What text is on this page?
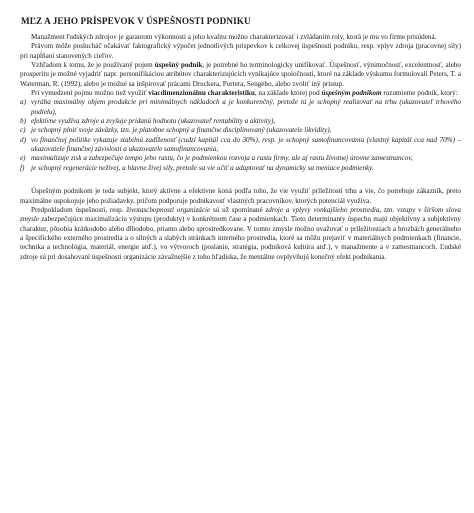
MĽZ A JEHO PRÍSPEVOK V ÚSPEŠNOSTI PODNIKU

Manažment ľudských zdrojov je garantom výkonnosti a jeho kvalitu možno charakterizovať i zvládaním roly, ktorá je mu vo firme prisúdená.

Právom môže poslucháč očakávať faktografický výpočet jednotlivých príspevkov k celkovej úspešnosti podniku, resp. vplyv zdroja (pracovnej sily) pri napĺňaní stanovených cieľov.

Vzhľadom k tomu, že je používaný pojem úspešný podnik, je potrebné ho terminologicky unifikovať. Úspešnosť, výnimočnosť, excelentnosť, alebo prosperitu je možné vyjadriť napr. personifikáciou atribútov charakterizujúcich vynikajúce spoločnosti, ktoré na základe výskumu formulovali Peters, T. a Waterman, R. (1992), alebo je možné sa inšpirovať prácami Druckera, Portera, Sengeho, alebo zvoliť iný prístup.

Pri vymedzení pojmu možno tiež využiť viacdimenzionálnu charakteristiku, na základe ktorej pod úspešným podnikom rozumieme podnik, ktorý:

a) vyrába maximálny objem produkcie pri minimálnych nákladoch a je konkurenčný, pretože tú je schopný realizovať na trhu (ukazovateľ trhového podielu),
b) efektívne využíva zdroje a zvyšuje pridanú hodnotu (ukazovateľ rentability a aktivity),
c) je schopný plniť svoje záväzky, tzn. je platobne schopný a finančne disciplinovaný (ukazovatele likvidity),
d) vo finančnej politike vykazuje stabilnú zadĺženosť (cudzí kapitál cca do 30%), resp. je schopný samofinancovania (vlastný kapitál cca nad 70%) – ukazovatele finančnej závislosti a ukazovatele samofinancovania,
e) maximalizuje zisk a zabezpečuje tempo jeho rastu, čo je podmienkou rozvoja a rastu firmy, ale aj rastu životnej úrovne zamestnancov,
f) je schopný regenerácie nežívej, a hlavne živej sily, pretože sa vie učiť a adaptovať na dynamicky sa meniace podmienky.

Úspešným podnikom je teda subjekt, ktorý aktívne a efektívne koná podľa toho, že vie využiť príležitosti trhu a vie, čo potrebuje zákazník, preto maximálne uspokojuje jeho požiadavky, pričom podporuje podnikavosť vlastných pracovníkov, ktorých potenciál využíva.

Predpokladom úspešnosti, resp. životaschopnosti organizácie sú už spomínané zdroje a vplyvy vonkajšieho prostredia, tzn. vstupy v širšom slova zmysle zabezpečujúce maximalizáciu výstupu (produkty) v konkrétnom čase a podmienkach. Tieto determinanty úspechu majú objektívny a subjektívny charakter, pôsobia krátkodobo alebo dlhodobo, priamo alebo sprostredkovane. V tomto zmysle možno uvažovať o príležitostiach a hrozbách generálneho a špecifického externého prostredia a o silných a slabých stránkach interného prostredia, ktoré sa môžu prejaviť v materiálnych podmienkach (financie, technika a technológia, materiál, energie atď.), vo výtvoroch (poslanie, stratégia, podniková kultúra atď.), v manažmente a v zamestnancoch. Ľudské zdroje sú pri dosahovaní úspešnosti organizácie závažnejšie z toho hľadiska, že mentálne ovplyvňujú konečný efekt podnikania.
